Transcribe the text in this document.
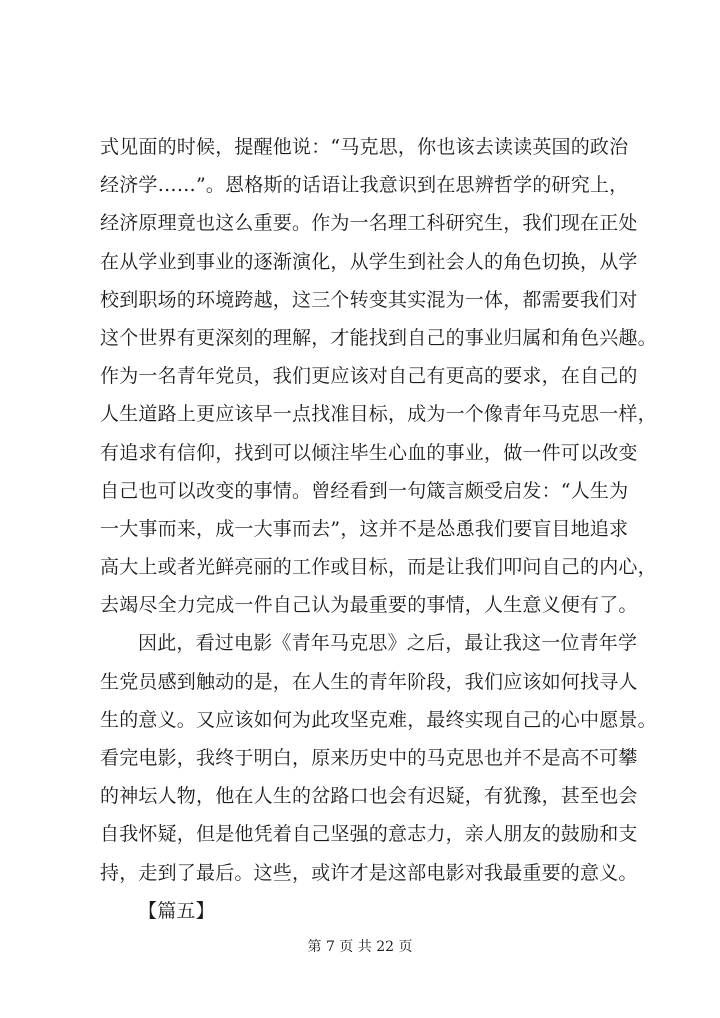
式见面的时候，提醒他说：“马克思，你也该去读读英国的政治
经济学……”。恩格斯的话语让我意识到在思辨哲学的研究上，
经济原理竟也这么重要。作为一名理工科研究生，我们现在正处
在从学业到事业的逐渐演化，从学生到社会人的角色切换，从学
校到职场的环境跨越，这三个转变其实混为一体，都需要我们对
这个世界有更深刻的理解，才能找到自己的事业归属和角色兴趣。
作为一名青年党员，我们更应该对自己有更高的要求，在自己的
人生道路上更应该早一点找准目标，成为一个像青年马克思一样，
有追求有信仰，找到可以倾注毕生心血的事业，做一件可以改变
自己也可以改变的事情。曾经看到一句箴言颇受启发：“人生为
一大事而来，成一大事而去”，这并不是怂恿我们要盲目地追求
高大上或者光鲜亮丽的工作或目标，而是让我们叩问自己的内心，
去竭尽全力完成一件自己认为最重要的事情，人生意义便有了。
因此，看过电影《青年马克思》之后，最让我这一位青年学
生党员感到触动的是，在人生的青年阶段，我们应该如何找寻人
生的意义。又应该如何为此攻坚克难，最终实现自己的心中愿景。
看完电影，我终于明白，原来历史中的马克思也并不是高不可攀
的神坛人物，他在人生的岔路口也会有迟疑，有犹豫，甚至也会
自我怀疑，但是他凭着自己坚强的意志力，亲人朋友的鼓励和支
持，走到了最后。这些，或许才是这部电影对我最重要的意义。
【篇五】
第 7 页 共 22 页
